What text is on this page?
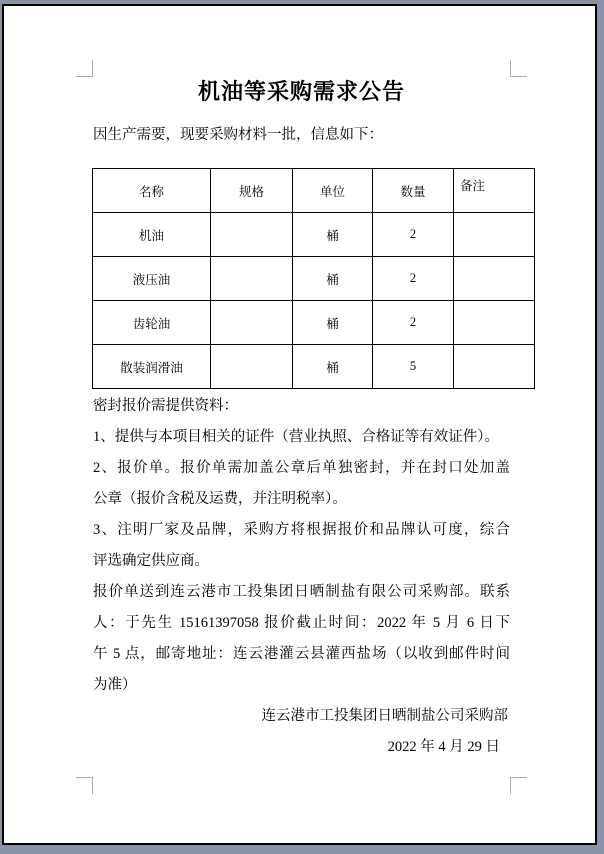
机油等采购需求公告
因生产需要，现要采购材料一批，信息如下：
名称	规格	单位	数量	备注
机油		桶	2	
液压油		桶	2	
齿轮油		桶	2	
散装润滑油		桶	5	
密封报价需提供资料：
1、提供与本项目相关的证件（营业执照、合格证等有效证件）。
2、报价单。报价单需加盖公章后单独密封，并在封口处加盖
公章（报价含税及运费，并注明税率）。
3、注明厂家及品牌，采购方将根据报价和品牌认可度，综合
评选确定供应商。
报价单送到连云港市工投集团日晒制盐有限公司采购部。联系
人：于先生 15161397058 报价截止时间：2022 年 5 月 6 日下
午 5 点，邮寄地址：连云港灌云县灌西盐场（以收到邮件时间
为准）
连云港市工投集团日晒制盐公司采购部
2022 年 4 月 29 日
